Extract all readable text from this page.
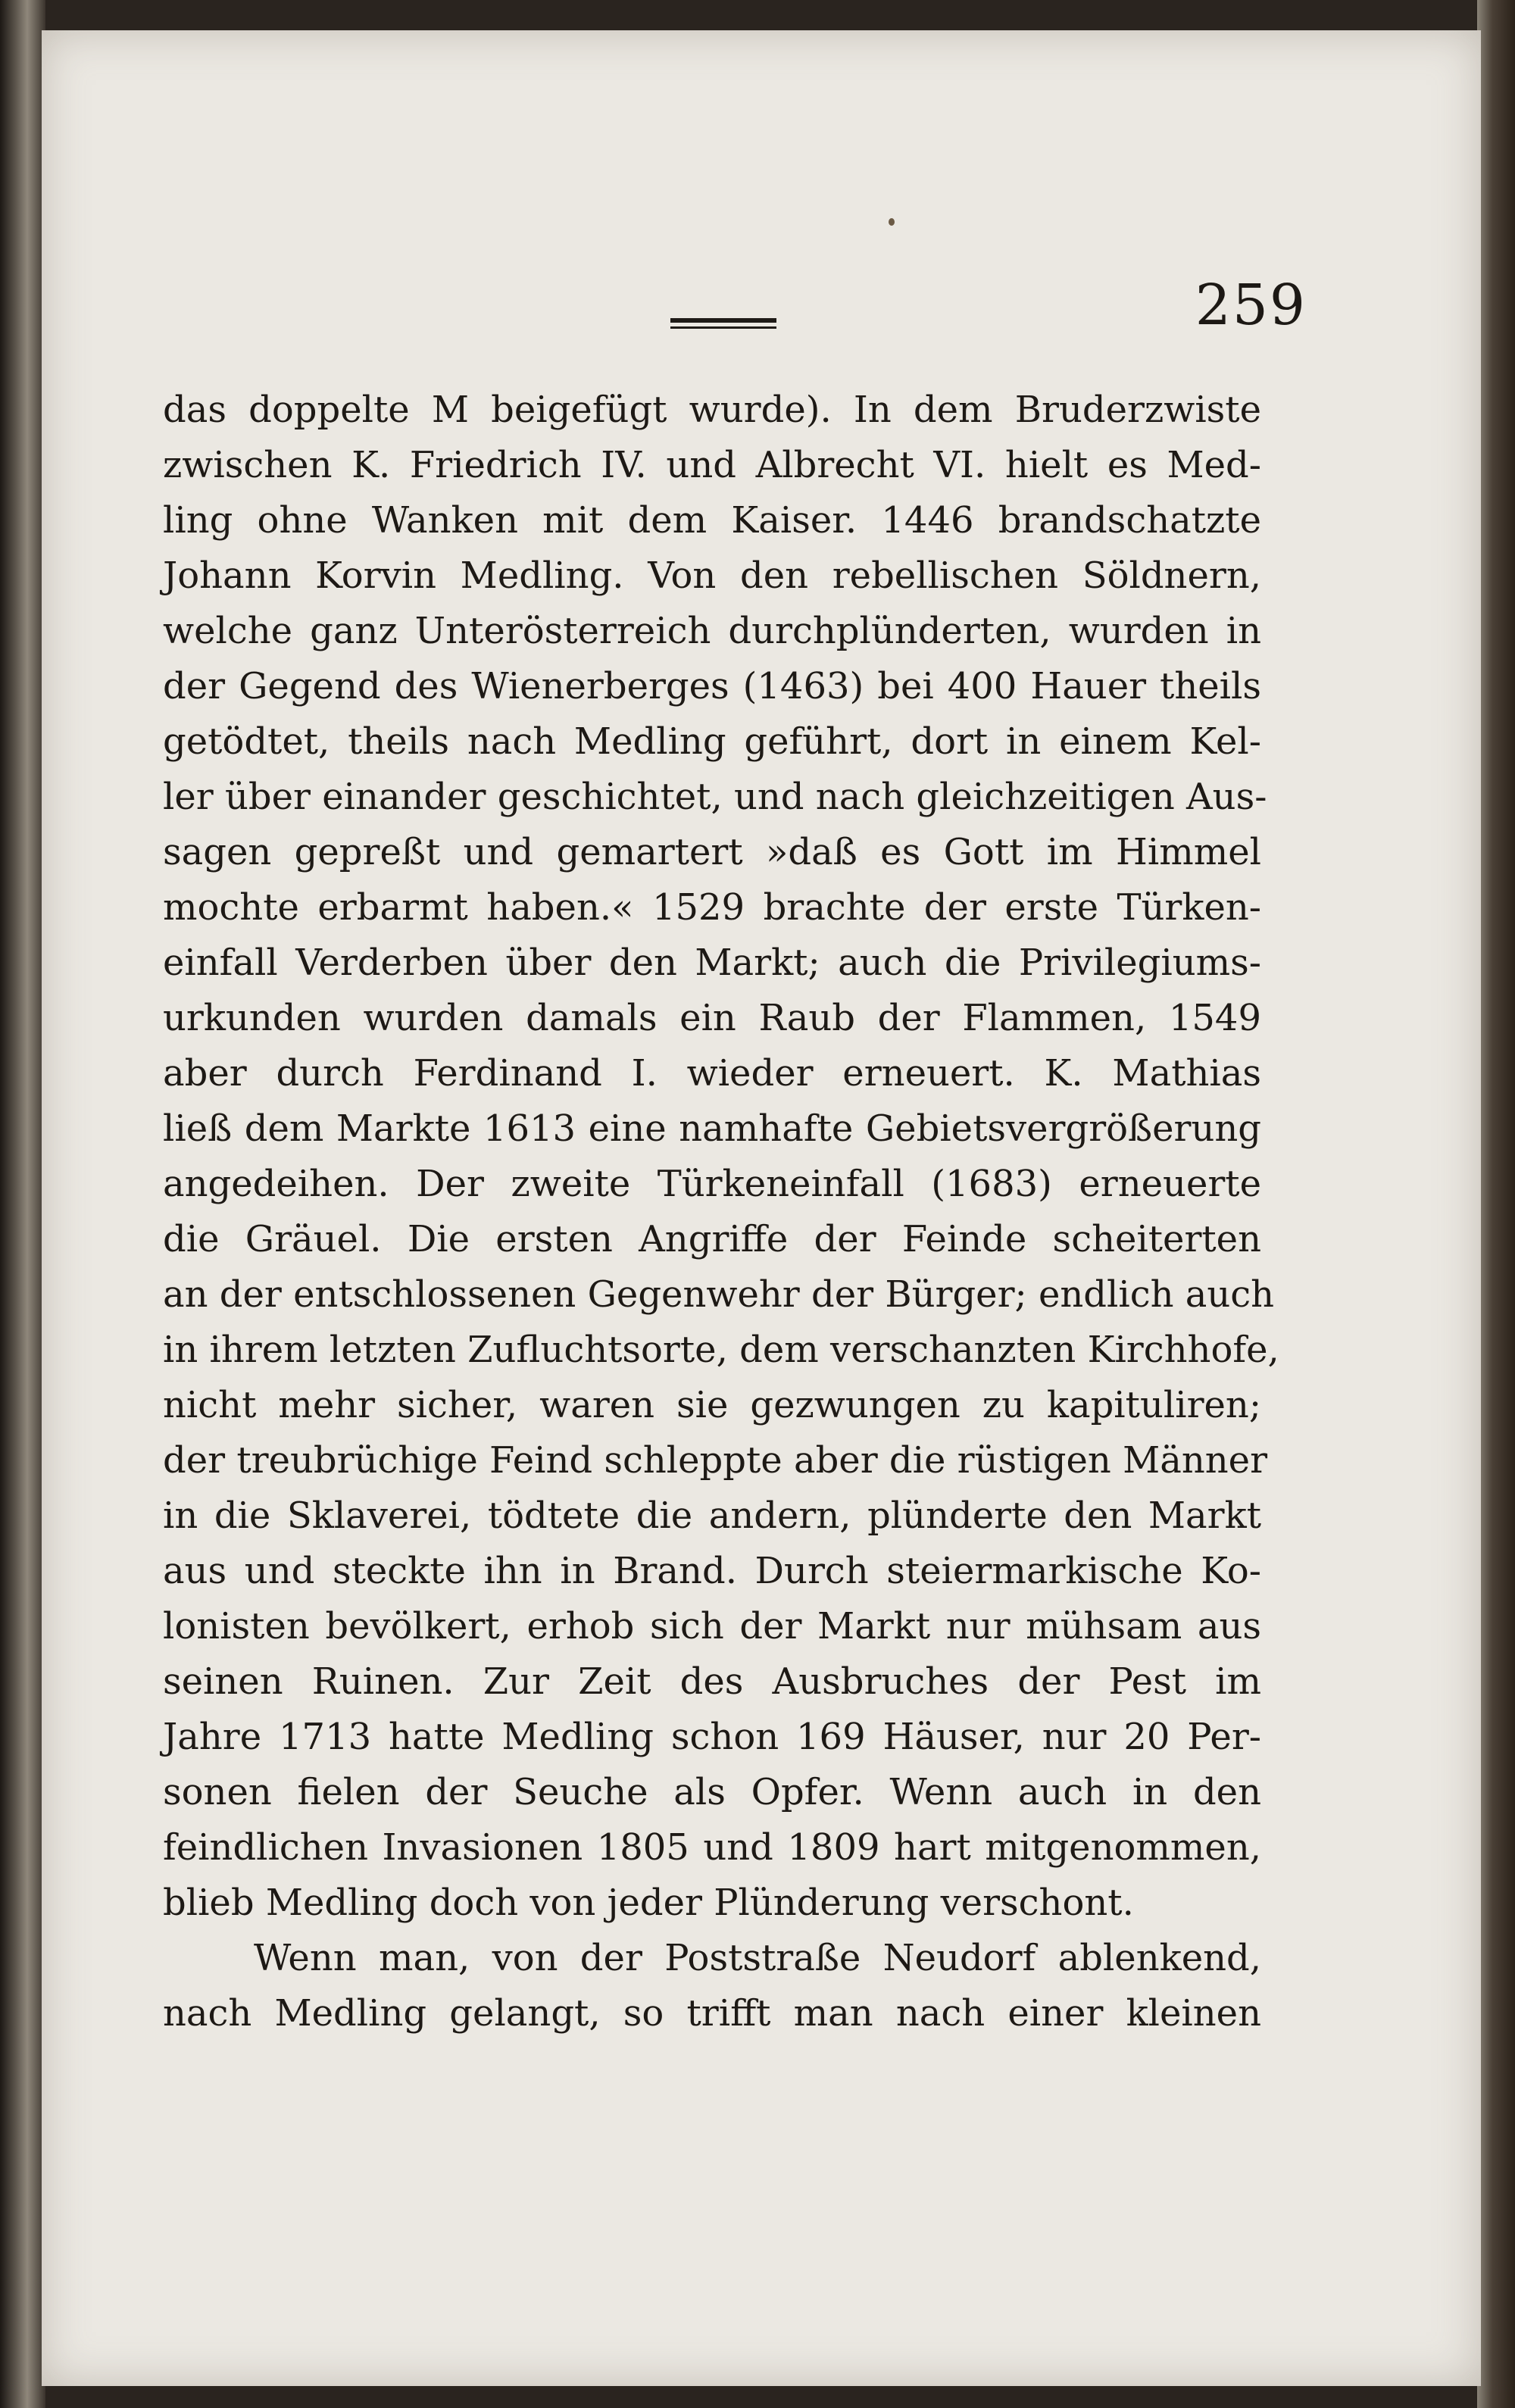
259
das doppelte M beigefügt wurde). In dem Bruderzwiste
zwischen K. Friedrich IV. und Albrecht VI. hielt es Med-
ling ohne Wanken mit dem Kaiser. 1446 brandschatzte
Johann Korvin Medling. Von den rebellischen Söldnern,
welche ganz Unterösterreich durchplünderten, wurden in
der Gegend des Wienerberges (1463) bei 400 Hauer theils
getödtet, theils nach Medling geführt, dort in einem Kel-
ler über einander geschichtet, und nach gleichzeitigen Aus-
sagen gepreßt und gemartert »daß es Gott im Himmel
mochte erbarmt haben.« 1529 brachte der erste Türken-
einfall Verderben über den Markt; auch die Privilegiums-
urkunden wurden damals ein Raub der Flammen, 1549
aber durch Ferdinand I. wieder erneuert. K. Mathias
ließ dem Markte 1613 eine namhafte Gebietsvergrößerung
angedeihen. Der zweite Türkeneinfall (1683) erneuerte
die Gräuel. Die ersten Angriffe der Feinde scheiterten
an der entschlossenen Gegenwehr der Bürger; endlich auch
in ihrem letzten Zufluchtsorte, dem verschanzten Kirchhofe,
nicht mehr sicher, waren sie gezwungen zu kapituliren;
der treubrüchige Feind schleppte aber die rüstigen Männer
in die Sklaverei, tödtete die andern, plünderte den Markt
aus und steckte ihn in Brand. Durch steiermarkische Ko-
lonisten bevölkert, erhob sich der Markt nur mühsam aus
seinen Ruinen. Zur Zeit des Ausbruches der Pest im
Jahre 1713 hatte Medling schon 169 Häuser, nur 20 Per-
sonen fielen der Seuche als Opfer. Wenn auch in den
feindlichen Invasionen 1805 und 1809 hart mitgenommen,
blieb Medling doch von jeder Plünderung verschont.
Wenn man, von der Poststraße Neudorf ablenkend,
nach Medling gelangt, so trifft man nach einer kleinen
